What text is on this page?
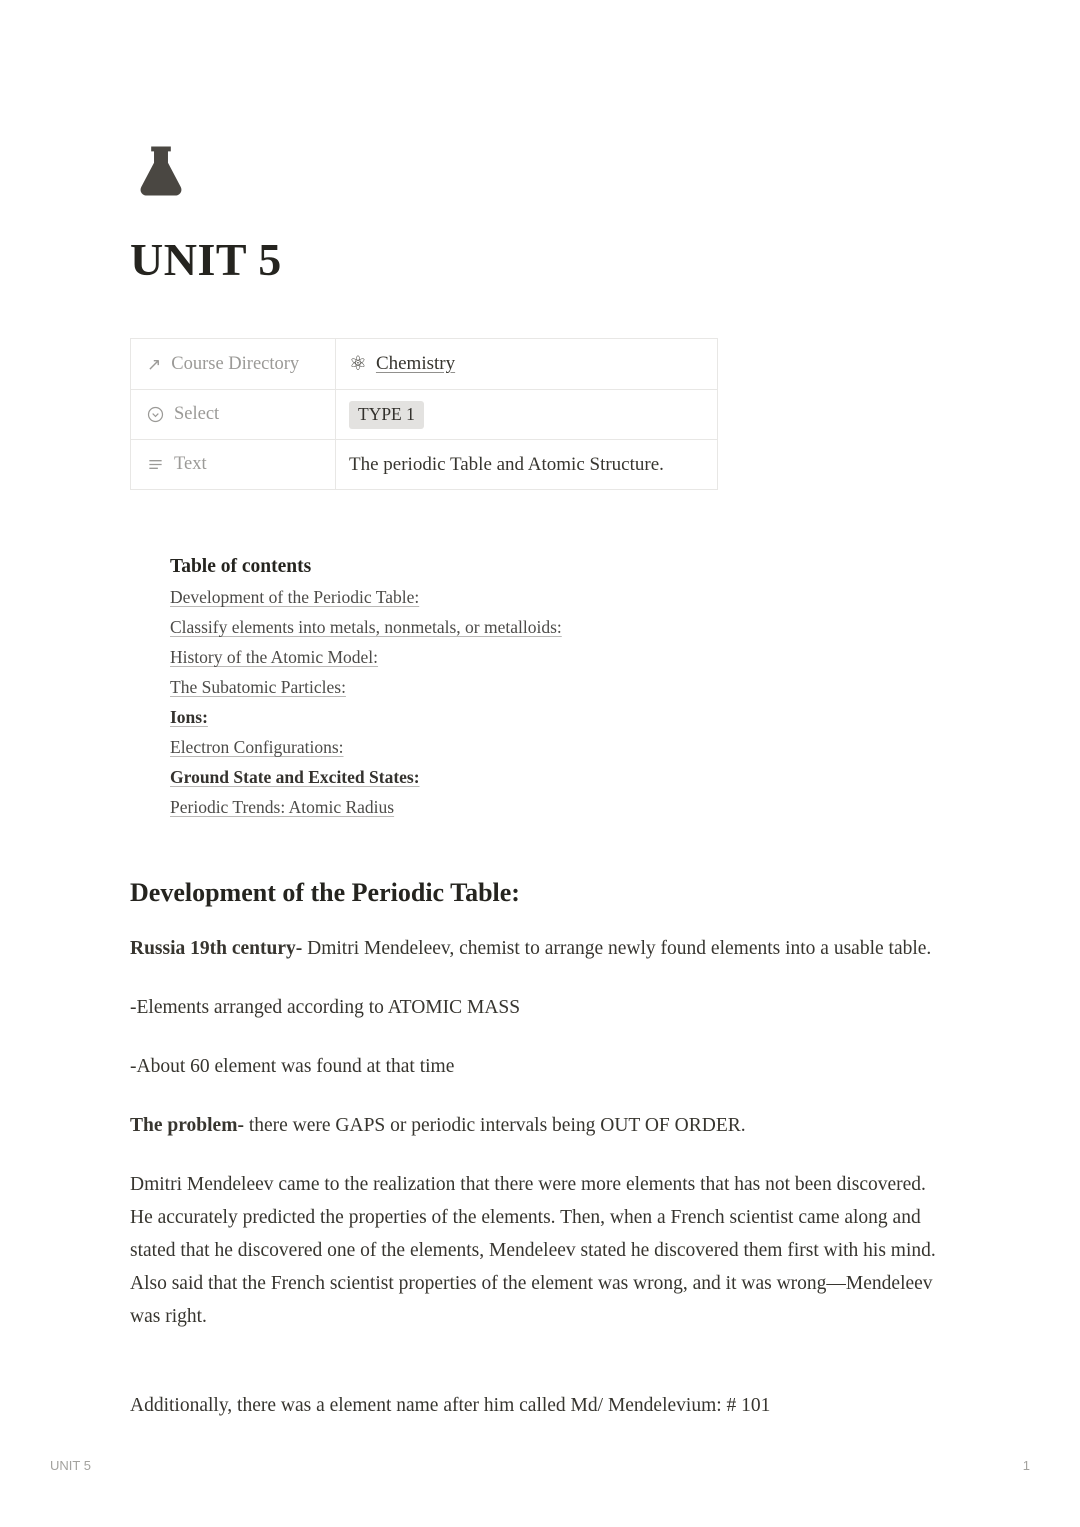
UNIT 5
↗ Course Directory ⚛ Chemistry
Select	TYPE 1
Text	The periodic Table and Atomic Structure.
Table of contents
Development of the Periodic Table:
Classify elements into metals, nonmetals, or metalloids:
History of the Atomic Model:
The Subatomic Particles:
Ions:
Electron Configurations:
Ground State and Excited States:
Periodic Trends: Atomic Radius
Development of the Periodic Table:

Russia 19th century- Dmitri Mendeleev, chemist to arrange newly found elements into a usable table.

-Elements arranged according to ATOMIC MASS

-About 60 element was found at that time

The problem- there were GAPS or periodic intervals being OUT OF ORDER.

Dmitri Mendeleev came to the realization that there were more elements that has not been discovered. He accurately predicted the properties of the elements. Then, when a French scientist came along and stated that he discovered one of the elements, Mendeleev stated he discovered them first with his mind. Also said that the French scientist properties of the element was wrong, and it was wrong—Mendeleev was right.

Additionally, there was a element name after him called Md/ Mendelevium: # 101

UNIT 5	1
